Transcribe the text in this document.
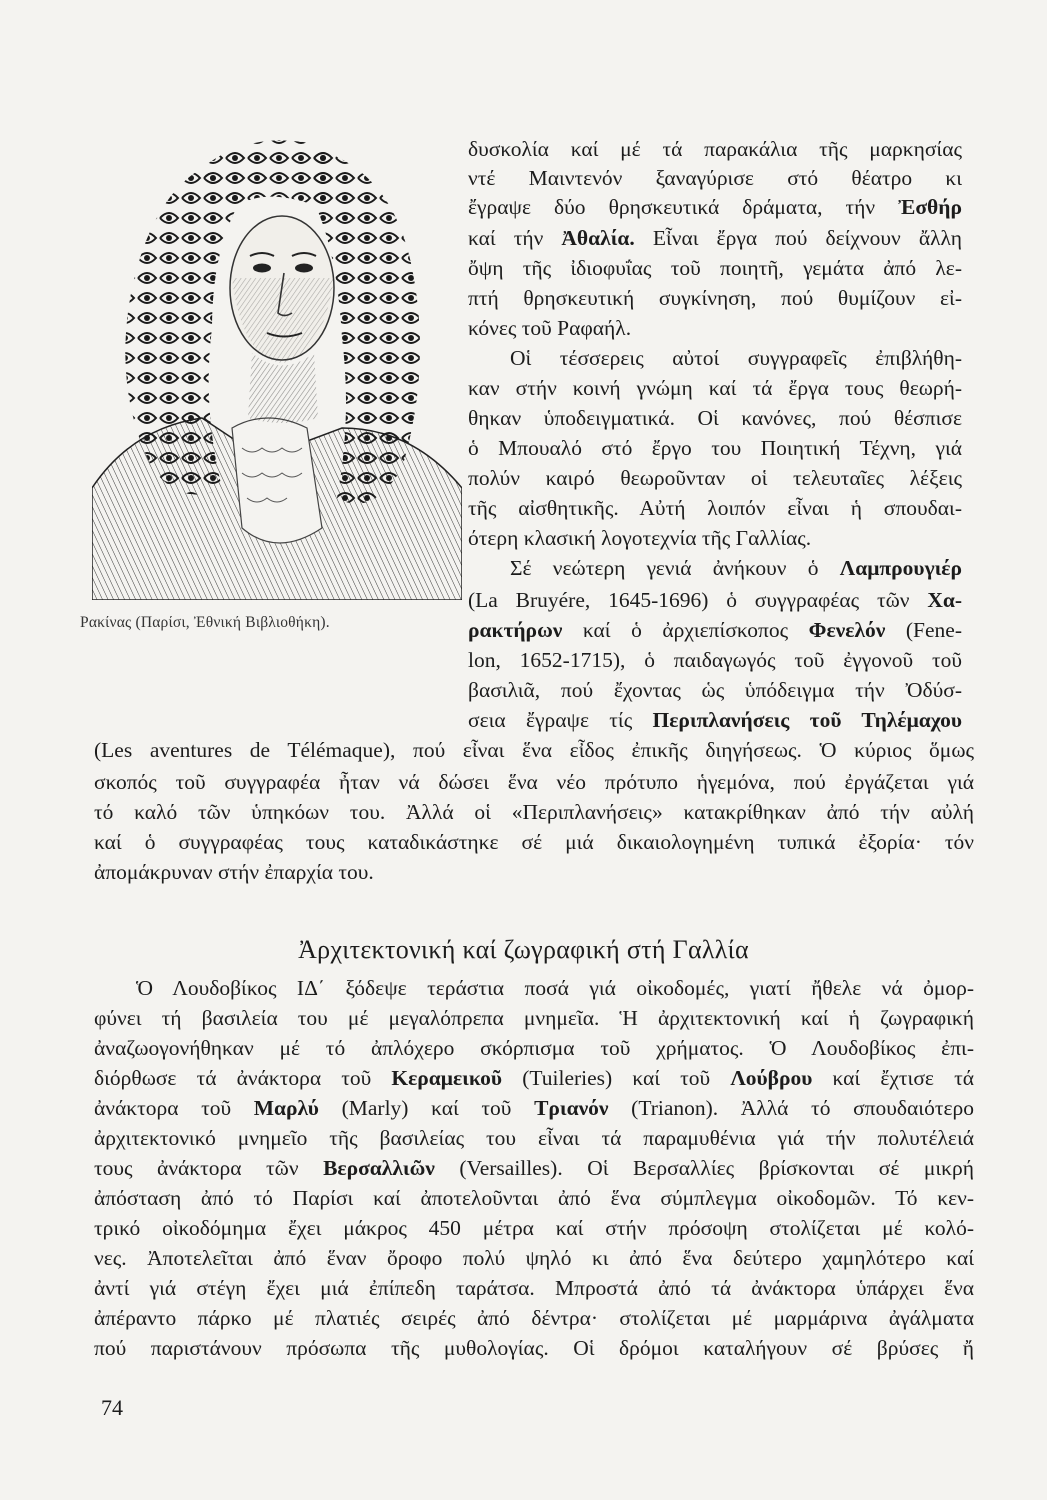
Ρακίνας (Παρίσι, Ἐθνική Βιβλιοθήκη).
δυσκολία καί μέ τά παρακάλια τῆς μαρκησίας
ντέ Μαιντενόν ξαναγύρισε στό θέατρο κι
ἔγραψε δύο θρησκευτικά δράματα, τήν Ἐσθήρ
καί τήν Ἀθαλία. Εἶναι ἔργα πού δείχνουν ἄλλη
ὄψη τῆς ἰδιοφυΐας τοῦ ποιητῆ, γεμάτα ἀπό λε-
πτή θρησκευτική συγκίνηση, πού θυμίζουν εἰ-
κόνες τοῦ Ραφαήλ.
Οἱ τέσσερεις αὐτοί συγγραφεῖς ἐπιβλήθη-
καν στήν κοινή γνώμη καί τά ἔργα τους θεωρή-
θηκαν ὑποδειγματικά. Οἱ κανόνες, πού θέσπισε
ὁ Μπουαλό στό ἔργο του Ποιητική Τέχνη, γιά
πολύν καιρό θεωροῦνταν οἱ τελευταῖες λέξεις
τῆς αἰσθητικῆς. Αὐτή λοιπόν εἶναι ἡ σπουδαι-
ότερη κλασική λογοτεχνία τῆς Γαλλίας.
Σέ νεώτερη γενιά ἀνήκουν ὁ Λαμπρουγιέρ
(La Bruyére, 1645-1696) ὁ συγγραφέας τῶν Χα-
ρακτήρων καί ὁ ἀρχιεπίσκοπος Φενελόν (Fene-
lon, 1652-1715), ὁ παιδαγωγός τοῦ ἐγγονοῦ τοῦ
βασιλιᾶ, πού ἔχοντας ὡς ὑπόδειγμα τήν Ὀδύσ-
σεια ἔγραψε τίς Περιπλανήσεις τοῦ Τηλέμαχου
(Les aventures de Télémaque), πού εἶναι ἕνα εἶδος ἐπικῆς διηγήσεως. Ὁ κύριος ὅμως
σκοπός τοῦ συγγραφέα ἦταν νά δώσει ἕνα νέο πρότυπο ἡγεμόνα, πού ἐργάζεται γιά
τό καλό τῶν ὑπηκόων του. Ἀλλά οἱ «Περιπλανήσεις» κατακρίθηκαν ἀπό τήν αὐλή
καί ὁ συγγραφέας τους καταδικάστηκε σέ μιά δικαιολογημένη τυπικά ἐξορία· τόν
ἀπομάκρυναν στήν ἐπαρχία του.
Ἀρχιτεκτονική καί ζωγραφική στή Γαλλία
Ὁ Λουδοβίκος ΙΔ΄ ξόδεψε τεράστια ποσά γιά οἰκοδομές, γιατί ἤθελε νά ὀμορ-
φύνει τή βασιλεία του μέ μεγαλόπρεπα μνημεῖα. Ἡ ἀρχιτεκτονική καί ἡ ζωγραφική
ἀναζωογονήθηκαν μέ τό ἀπλόχερο σκόρπισμα τοῦ χρήματος. Ὁ Λουδοβίκος ἐπι-
διόρθωσε τά ἀνάκτορα τοῦ Κεραμεικοῦ (Tuileries) καί τοῦ Λούβρου καί ἔχτισε τά
ἀνάκτορα τοῦ Μαρλύ (Marly) καί τοῦ Τριανόν (Trianon). Ἀλλά τό σπουδαιότερο
ἀρχιτεκτονικό μνημεῖο τῆς βασιλείας του εἶναι τά παραμυθένια γιά τήν πολυτέλειά
τους ἀνάκτορα τῶν Βερσαλλιῶν (Versailles). Οἱ Βερσαλλίες βρίσκονται σέ μικρή
ἀπόσταση ἀπό τό Παρίσι καί ἀποτελοῦνται ἀπό ἕνα σύμπλεγμα οἰκοδομῶν. Τό κεν-
τρικό οἰκοδόμημα ἔχει μάκρος 450 μέτρα καί στήν πρόσοψη στολίζεται μέ κολό-
νες. Ἀποτελεῖται ἀπό ἕναν ὄροφο πολύ ψηλό κι ἀπό ἕνα δεύτερο χαμηλότερο καί
ἀντί γιά στέγη ἔχει μιά ἐπίπεδη ταράτσα. Μπροστά ἀπό τά ἀνάκτορα ὑπάρχει ἕνα
ἀπέραντο πάρκο μέ πλατιές σειρές ἀπό δέντρα· στολίζεται μέ μαρμάρινα ἀγάλματα
πού παριστάνουν πρόσωπα τῆς μυθολογίας. Οἱ δρόμοι καταλήγουν σέ βρύσες ἤ
74
